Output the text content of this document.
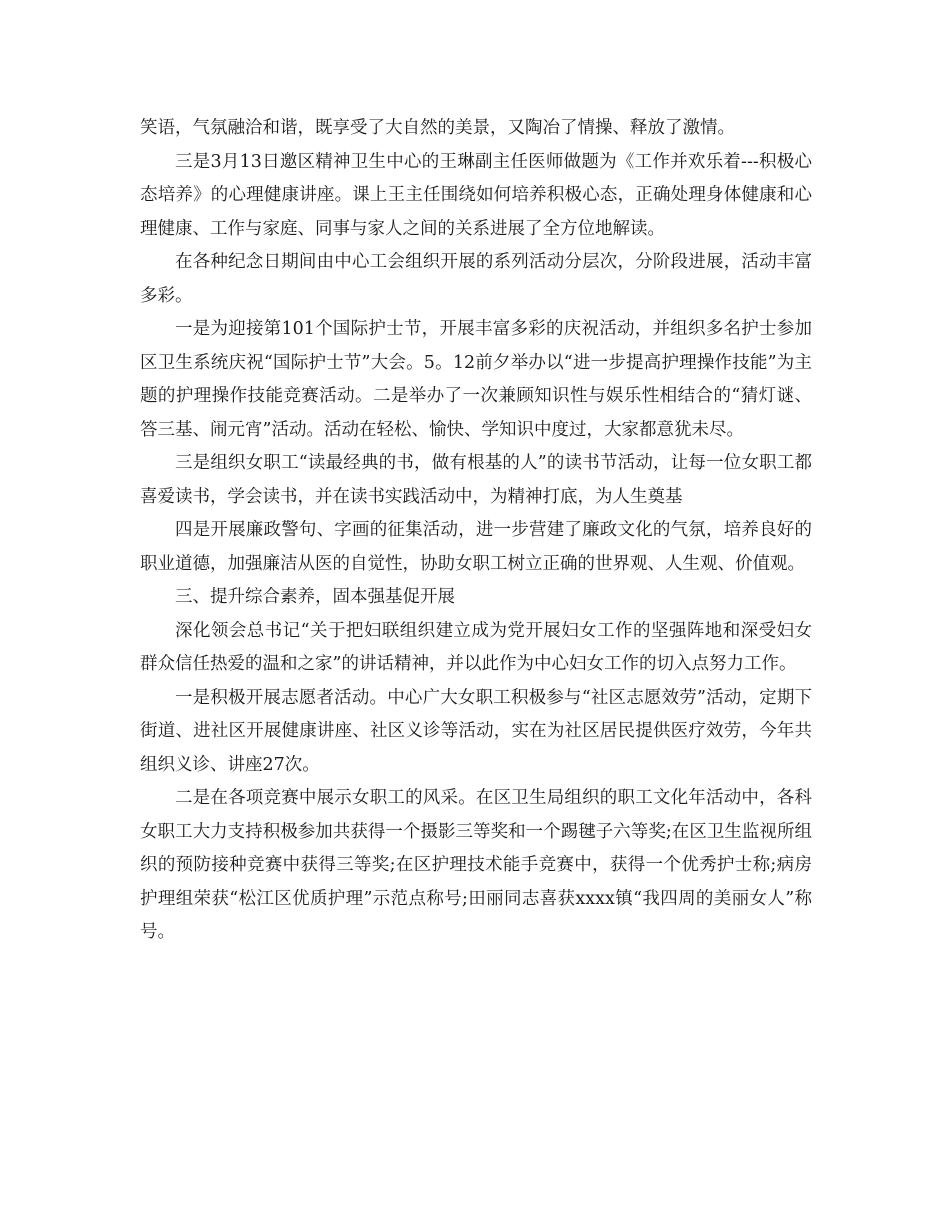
笑语，气氛融洽和谐，既享受了大自然的美景，又陶冶了情操、释放了激情。

三是3月13日邀区精神卫生中心的王琳副主任医师做题为《工作并欢乐着---积极心态培养》的心理健康讲座。课上王主任围绕如何培养积极心态，正确处理身体健康和心理健康、工作与家庭、同事与家人之间的关系进展了全方位地解读。

在各种纪念日期间由中心工会组织开展的系列活动分层次，分阶段进展，活动丰富多彩。

一是为迎接第101个国际护士节，开展丰富多彩的庆祝活动，并组织多名护士参加区卫生系统庆祝“国际护士节”大会。5。12前夕举办以“进一步提高护理操作技能”为主题的护理操作技能竞赛活动。二是举办了一次兼顾知识性与娱乐性相结合的“猜灯谜、答三基、闹元宵”活动。活动在轻松、愉快、学知识中度过，大家都意犹未尽。

三是组织女职工“读最经典的书，做有根基的人”的读书节活动，让每一位女职工都喜爱读书，学会读书，并在读书实践活动中，为精神打底，为人生奠基

四是开展廉政警句、字画的征集活动，进一步营建了廉政文化的气氛，培养良好的职业道德，加强廉洁从医的自觉性，协助女职工树立正确的世界观、人生观、价值观。

三、提升综合素养，固本强基促开展

深化领会总书记“关于把妇联组织建立成为党开展妇女工作的坚强阵地和深受妇女群众信任热爱的温和之家”的讲话精神，并以此作为中心妇女工作的切入点努力工作。

一是积极开展志愿者活动。中心广大女职工积极参与“社区志愿效劳”活动，定期下街道、进社区开展健康讲座、社区义诊等活动，实在为社区居民提供医疗效劳，今年共组织义诊、讲座27次。

二是在各项竞赛中展示女职工的风采。在区卫生局组织的职工文化年活动中，各科女职工大力支持积极参加共获得一个摄影三等奖和一个踢毽子六等奖;在区卫生监视所组织的预防接种竞赛中获得三等奖;在区护理技术能手竞赛中，获得一个优秀护士称;病房护理组荣获“松江区优质护理”示范点称号;田丽同志喜获xxxx镇“我四周的美丽女人”称号。
